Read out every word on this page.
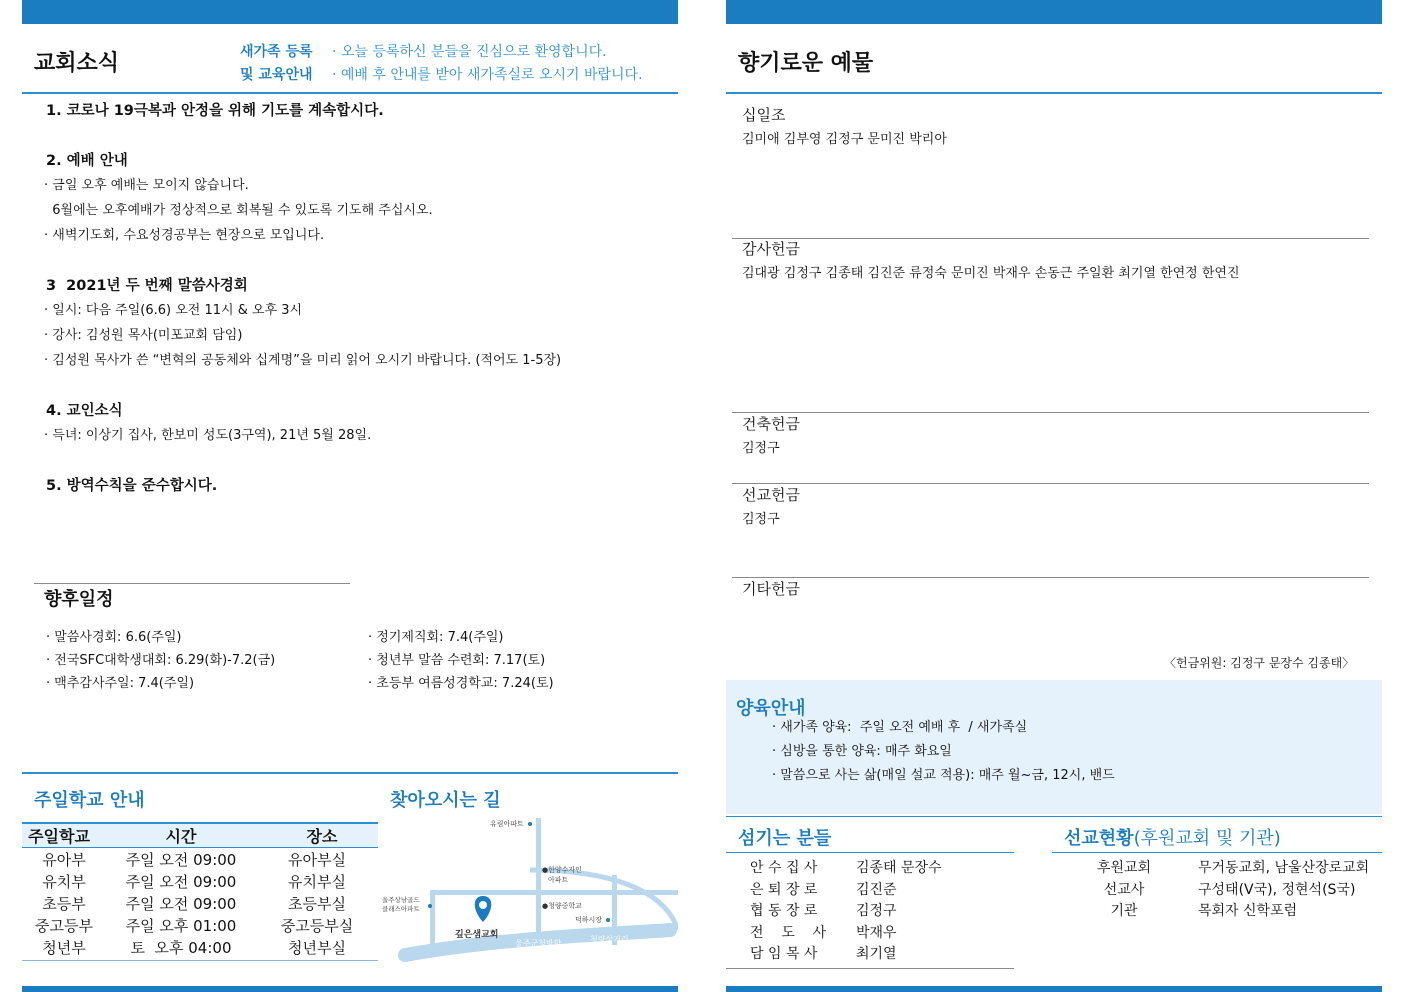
교회소식	새가족 등록
및 교육안내
· 오늘 등록하신 분들을 진심으로 환영합니다.
· 예배 후 안내를 받아 새가족실로 오시기 바랍니다.
1. 코로나 19극복과 안정을 위해 기도를 계속합시다.
2. 예배 안내
· 금일 오후 예배는 모이지 않습니다.
6월에는 오후예배가 정상적으로 회복될 수 있도록 기도해 주십시오.
· 새벽기도회, 수요성경공부는 현장으로 모입니다.
3  2021년 두 번째 말씀사경회
· 일시: 다음 주일(6.6) 오전 11시 & 오후 3시
· 강사: 김성원 목사(미포교회 담임)
· 김성원 목사가 쓴 “변혁의 공동체와 십계명”을 미리 읽어 오시기 바랍니다. (적어도 1-5장)
4. 교인소식
· 득녀: 이상기 집사, 한보미 성도(3구역), 21년 5월 28일.
5. 방역수칙을 준수합시다.
향후일정
· 말씀사경회: 6.6(주일)
· 전국SFC대학생대회: 6.29(화)-7.2(금)
· 맥추감사주일: 7.4(주일)
· 정기제직회: 7.4(주일)
· 청년부 말씀 수련회: 7.17(토)
· 초등부 여름성경학교: 7.24(토)
주일학교 안내
주일학교	시간	장소
유아부	주일 오전 09:00	유아부실
유치부	주일 오전 09:00	유치부실
초등부	주일 오전 09:00	초등부실
중고등부	주일 오후 01:00	중고등부실
청년부	토  오후 04:00	청년부실
찾아오시는 길
유림아파트
●한양수자인
아파트
●청량중학교
덕하시장
울주상남골드
클래스아파트
깊은샘교회
울주군청방향	청량삼거리
향기로운 예물
십일조
김미애 김부영 김정구 문미진 박리아
감사헌금
김대광 김정구 김종태 김진준 류정숙 문미진 박재우 손동근 주일환 최기열 한연정 한연진
건축헌금
김정구
선교헌금
김정구
기타헌금
〈헌금위원: 김정구 문장수 김종태〉
양육안내
· 새가족 양육:  주일 오전 예배 후  / 새가족실
· 심방을 통한 양육: 매주 화요일
· 말씀으로 사는 삶(매일 설교 적용): 매주 월~금, 12시, 밴드
섬기는 분들
안 수 집 사	김종태 문장수
은 퇴 장 로	김진준
협 동 장 로	김정구
전    도    사 박재우
담 임 목 사	최기열
선교현황(후원교회 및 기관)
후원교회	무거동교회, 남울산장로교회
선교사	구성태(V국), 정현석(S국)
기관	목회자 신학포럼
